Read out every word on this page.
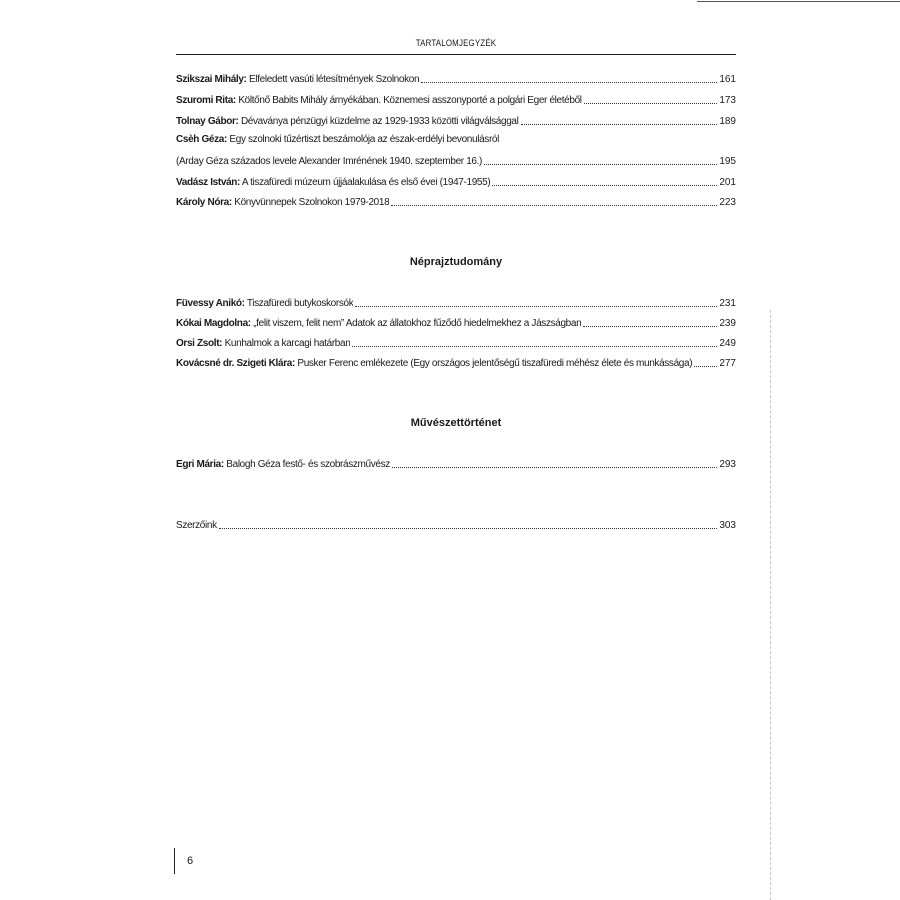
TARTALOMJEGYZÉK
Szikszai Mihály: Elfeledett vasúti létesítmények Szolnokon	161
Szuromi Rita: Költőnő Babits Mihály árnyékában. Köznemesi asszonyporté a polgári Eger életéből	173
Tolnay Gábor: Dévaványa pénzügyi küzdelme az 1929-1933 közötti világválsággal	189
Csèh Géza: Egy szolnoki tűzértiszt beszámolója az észak-erdélyi bevonulásról
(Arday Géza százados levele Alexander Imrénének 1940. szeptember 16.)	195
Vadász István: A tiszafüredi múzeum újjáalakulása és első évei (1947-1955)	201
Károly Nóra: Könyvünnepek Szolnokon 1979-2018	223
Néprajztudomány
Füvessy Anikó: Tiszafüredi butykoskorsók	231
Kókai Magdolna: „felit viszem, felit nem” Adatok az állatokhoz fűződő hiedelmekhez a Jászságban	239
Örsi Zsolt: Kunhalmok a karcagi határban	249
Kovácsné dr. Szigeti Klára: Pusker Ferenc emlékezete (Egy országos jelentőségű tiszafüredi méhész élete és munkássága)	277
Művészettörténet
Egri Mária: Balogh Géza festő- és szobrászművész	293
Szerzőink	303
6
